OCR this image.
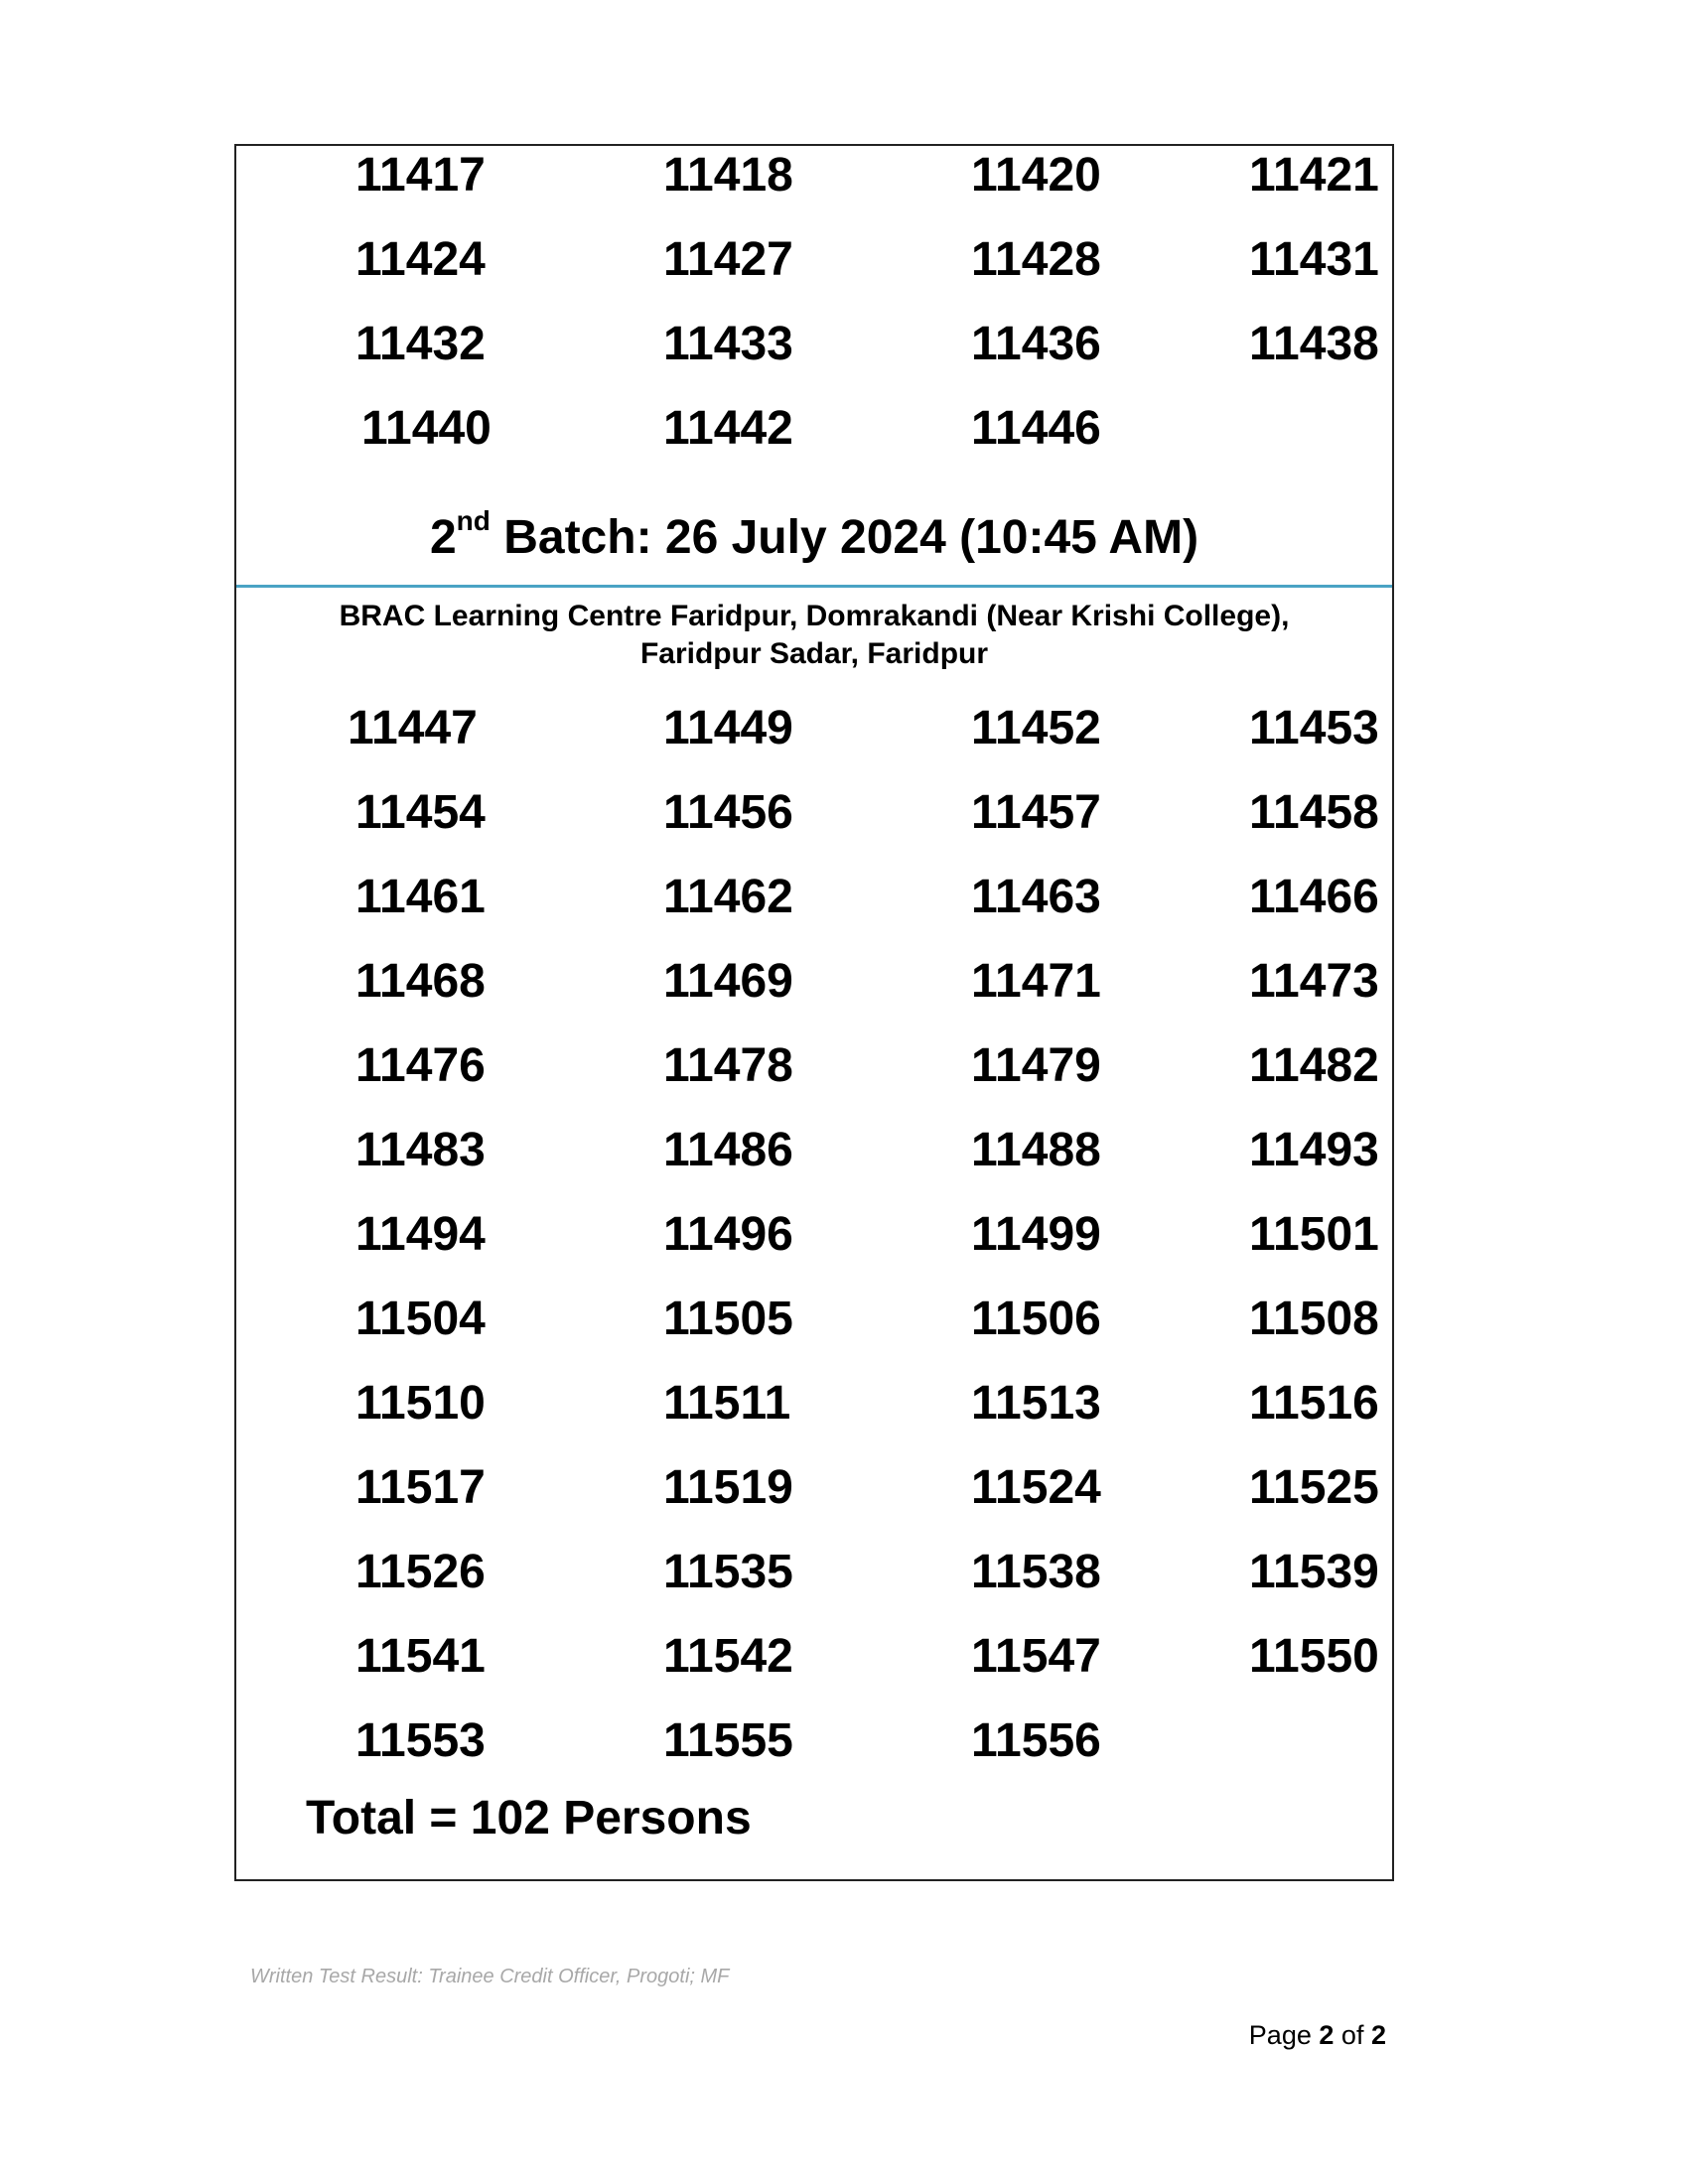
11417	11418	11420	11421
11424	11427	11428	11431
11432	11433	11436	11438
11440	11442	11446
2nd Batch: 26 July 2024 (10:45 AM)
BRAC Learning Centre Faridpur, Domrakandi (Near Krishi College),
Faridpur Sadar, Faridpur
11447	11449	11452	11453
11454	11456	11457	11458
11461	11462	11463	11466
11468	11469	11471	11473
11476	11478	11479	11482
11483	11486	11488	11493
11494	11496	11499	11501
11504	11505	11506	11508
11510	11511	11513	11516
11517	11519	11524	11525
11526	11535	11538	11539
11541	11542	11547	11550
11553	11555	11556
Total = 102 Persons
Written Test Result: Trainee Credit Officer, Progoti; MF
Page 2 of 2
